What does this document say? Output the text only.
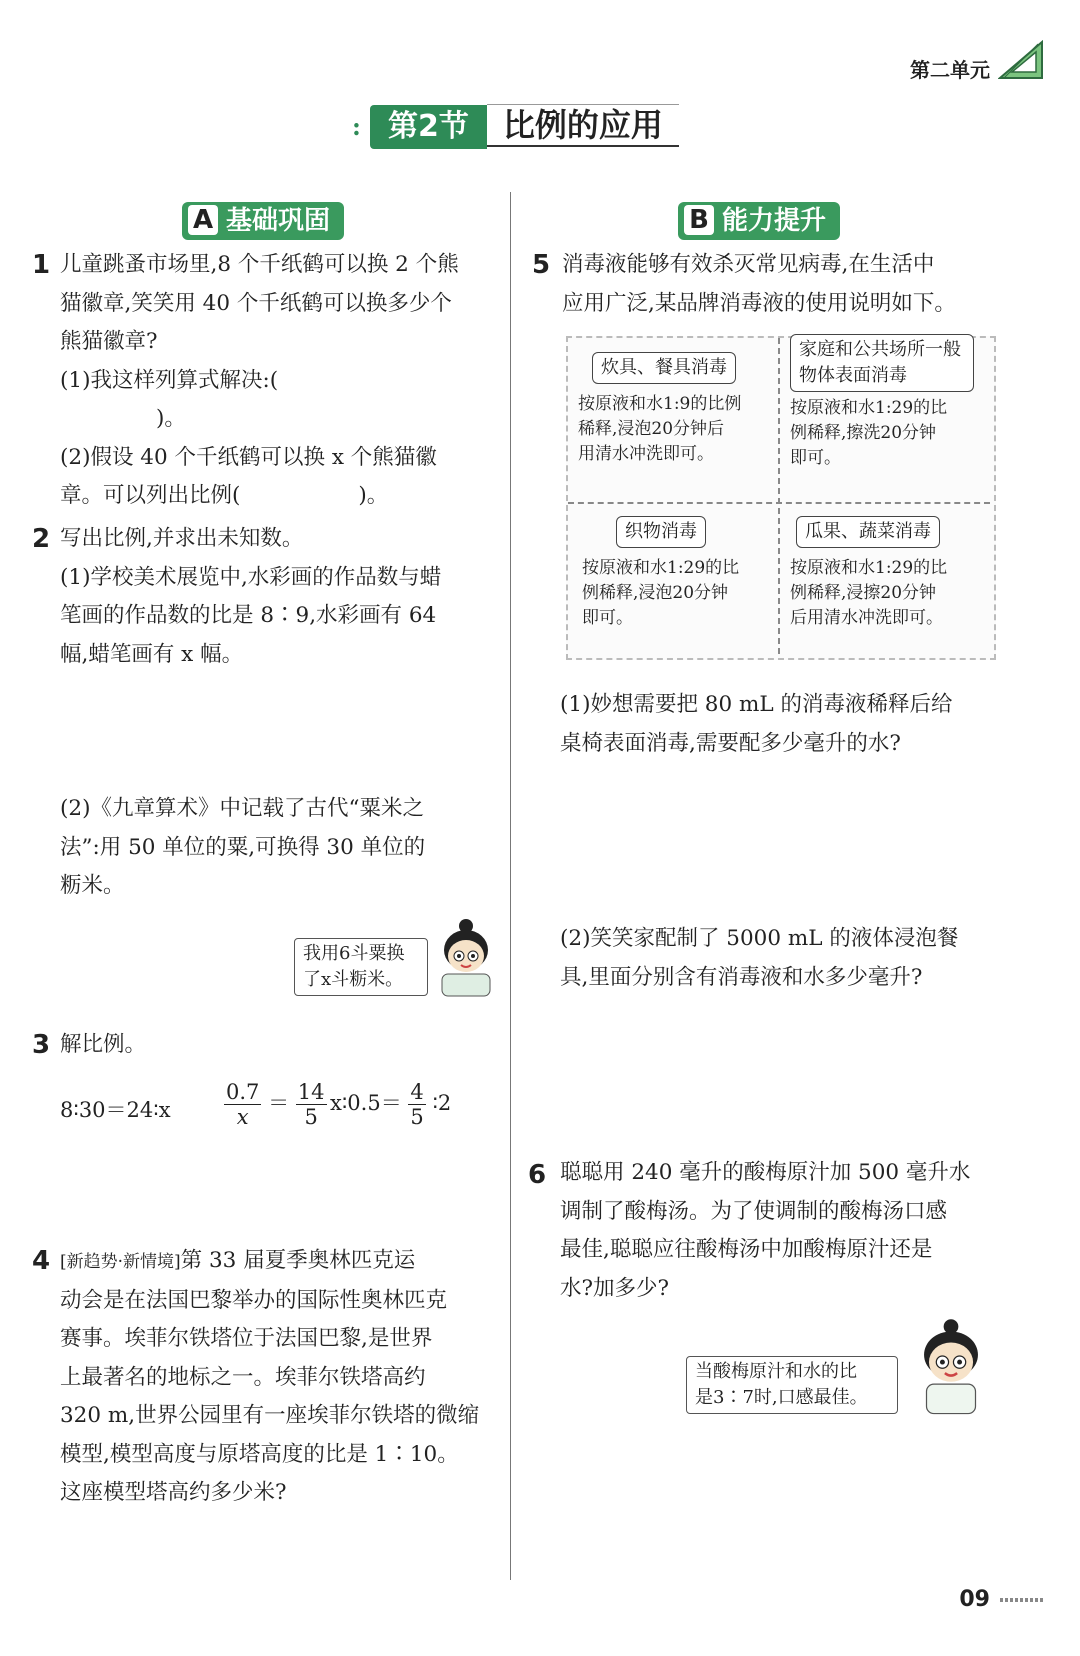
第二单元
: 第2节 比例的应用
A 基础巩固	B 能力提升
1 儿童跳蚤市场里,8 个千纸鹤可以换 2 个熊
猫徽章,笑笑用 40 个千纸鹤可以换多少个
熊猫徽章?
(1)我这样列算式解决:(
)。
(2)假设 40 个千纸鹤可以换 x 个熊猫徽
章。可以列出比例(	)。
2 写出比例,并求出未知数。
(1)学校美术展览中,水彩画的作品数与蜡
笔画的作品数的比是 8∶9,水彩画有 64
幅,蜡笔画有 x 幅。
(2)《九章算术》中记载了古代“粟米之
法”:用 50 单位的粟,可换得 30 单位的
粝米。
我用6斗粟换
了x斗粝米。
3 解比例。
8∶30＝24∶x	$\frac{0.7}{x} = \frac{14}{5}$ x∶0.5＝ $\frac{4}{5}$ ∶2
4 [新趋势·新情境]第 33 届夏季奥林匹克运
动会是在法国巴黎举办的国际性奥林匹克
赛事。埃菲尔铁塔位于法国巴黎,是世界
上最著名的地标之一。埃菲尔铁塔高约
320 m,世界公园里有一座埃菲尔铁塔的微缩
模型,模型高度与原塔高度的比是 1∶10。
这座模型塔高约多少米?
5 消毒液能够有效杀灭常见病毒,在生活中
应用广泛,某品牌消毒液的使用说明如下。
炊具、餐具消毒
按原液和水1:9的比例
稀释,浸泡20分钟后
用清水冲洗即可。
家庭和公共场所一般物体表面消毒
按原液和水1:29的比
例稀释,擦洗20分钟
即可。
织物消毒
按原液和水1:29的比
例稀释,浸泡20分钟
即可。
瓜果、蔬菜消毒
按原液和水1:29的比
例稀释,浸擦20分钟
后用清水冲洗即可。
(1)妙想需要把 80 mL 的消毒液稀释后给
桌椅表面消毒,需要配多少毫升的水?
(2)笑笑家配制了 5000 mL 的液体浸泡餐
具,里面分别含有消毒液和水多少毫升?
6 聪聪用 240 毫升的酸梅原汁加 500 毫升水
调制了酸梅汤。为了使调制的酸梅汤口感
最佳,聪聪应往酸梅汤中加酸梅原汁还是
水?加多少?
当酸梅原汁和水的比
是3∶7时,口感最佳。
09
